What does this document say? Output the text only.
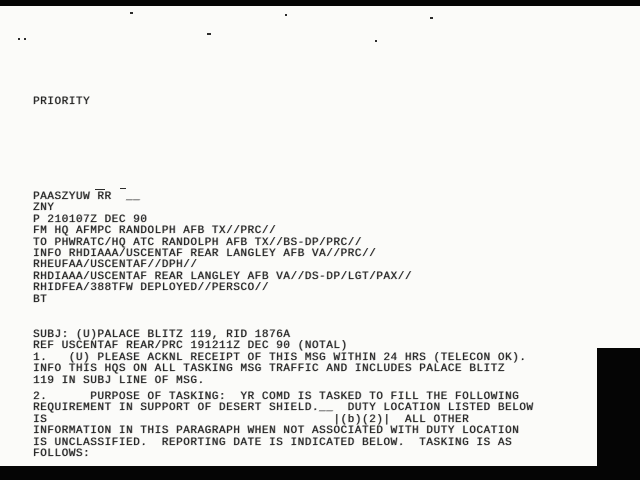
PRIORITY
PAASZYUW RR  __
ZNY
P 210107Z DEC 90
FM HQ AFMPC RANDOLPH AFB TX//PRC//
TO PHWRATC/HQ ATC RANDOLPH AFB TX//BS-DP/PRC//
INFO RHDIAAA/USCENTAF REAR LANGLEY AFB VA//PRC//
RHEUFAA/USCENTAF//DPH//
RHDIAAA/USCENTAF REAR LANGLEY AFB VA//DS-DP/LGT/PAX//
RHIDFEA/388TFW DEPLOYED//PERSCO//
BT
SUBJ: (U)PALACE BLITZ 119, RID 1876A
REF USCENTAF REAR/PRC 191211Z DEC 90 (NOTAL)
1.   (U) PLEASE ACKNL RECEIPT OF THIS MSG WITHIN 24 HRS (TELECON OK).
INFO THIS HQS ON ALL TASKING MSG TRAFFIC AND INCLUDES PALACE BLITZ
119 IN SUBJ LINE OF MSG.
2.      PURPOSE OF TASKING:  YR COMD IS TASKED TO FILL THE FOLLOWING
REQUIREMENT IN SUPPORT OF DESERT SHIELD.__  DUTY LOCATION LISTED BELOW
IS                                        |(b)(2)|  ALL OTHER
INFORMATION IN THIS PARAGRAPH WHEN NOT ASSOCIATED WITH DUTY LOCATION
IS UNCLASSIFIED.  REPORTING DATE IS INDICATED BELOW.  TASKING IS AS
FOLLOWS:
